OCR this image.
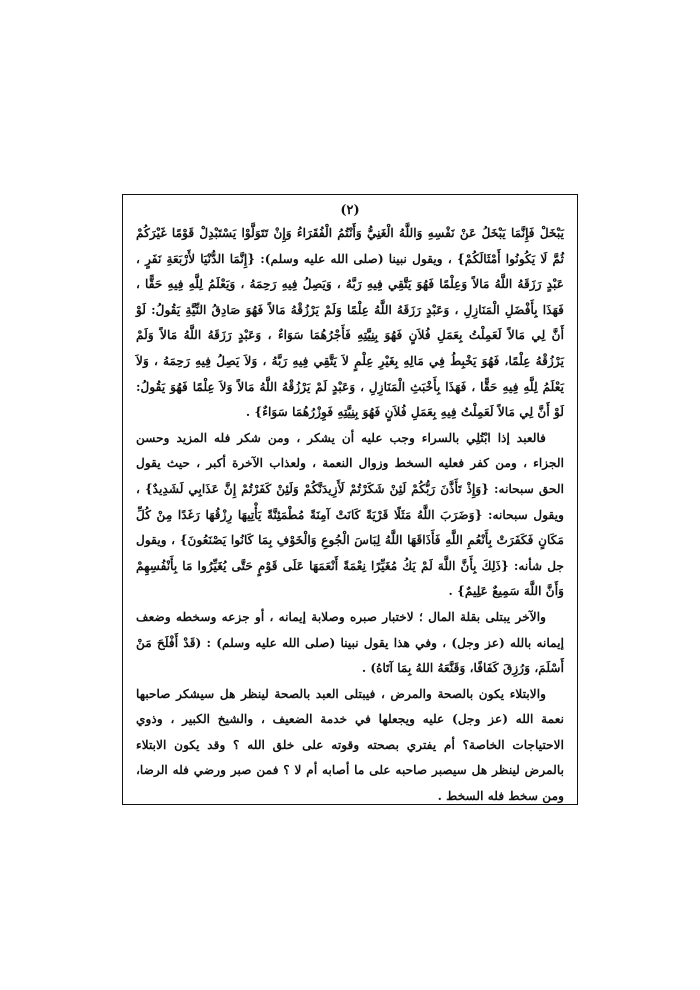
(٢)

يَبْخَلْ فَإِنَّمَا يَبْخَلُ عَنْ نَفْسِهِ وَاللَّهُ الْغَنِيُّ وَأَنْتُمُ الْفُقَرَاءُ وَإِنْ تَتَوَلَّوْا يَسْتَبْدِلْ قَوْمًا غَيْرَكُمْ ثُمَّ لَا يَكُونُوا أَمْثَالَكُمْ} ، ويقول نبينا (صلى الله عليه وسلم): {إِنَّمَا الدُّنْيَا لأَرْبَعَةِ نَفَرٍ ، عَبْدٍ رَزَقَهُ اللَّهُ مَالاً وَعِلْمًا فَهُوَ يَتَّقِي فِيهِ رَبَّهُ ، وَيَصِلُ فِيهِ رَحِمَهُ ، وَيَعْلَمُ لِلَّهِ فِيهِ حَقًّا ، فَهَذَا بِأَفْضَلِ الْمَنَازِلِ ، وَعَبْدٍ رَزَقَهُ اللَّهُ عِلْمًا وَلَمْ يَرْزُقْهُ مَالاً فَهُوَ صَادِقُ النِّيَّةِ يَقُولُ: لَوْ أَنَّ لِي مَالاً لَعَمِلْتُ بِعَمَلِ فُلاَنٍ فَهُوَ بِنِيَّتِهِ فَأَجْرُهُمَا سَوَاءٌ ، وَعَبْدٍ رَزَقَهُ اللَّهُ مَالاً وَلَمْ يَرْزُقْهُ عِلْمًا، فَهُوَ يَخْبِطُ فِي مَالِهِ بِغَيْرِ عِلْمٍ لاَ يَتَّقِي فِيهِ رَبَّهُ ، وَلاَ يَصِلُ فِيهِ رَحِمَهُ ، وَلاَ يَعْلَمُ لِلَّهِ فِيهِ حَقًّا ، فَهَذَا بِأَخْبَثِ الْمَنَازِلِ ، وَعَبْدٍ لَمْ يَرْزُقْهُ اللَّهُ مَالاً وَلاَ عِلْمًا فَهُوَ يَقُولُ: لَوْ أَنَّ لِي مَالاً لَعَمِلْتُ فِيهِ بِعَمَلِ فُلاَنٍ فَهُوَ بِنِيَّتِهِ فَوِزْرُهُمَا سَوَاءٌ} .

فالعبد إذا ابْتُلِي بالسراء وجب عليه أن يشكر ، ومن شكر فله المزيد وحسن الجزاء ، ومن كفر فعليه السخط وزوال النعمة ، ولعذاب الآخرة أكبر ، حيث يقول الحق سبحانه: {وَإِذْ تَأَذَّنَ رَبُّكُمْ لَئِنْ شَكَرْتُمْ لَأَزِيدَنَّكُمْ وَلَئِنْ كَفَرْتُمْ إِنَّ عَذَابِي لَشَدِيدٌ} ، ويقول سبحانه: {وَضَرَبَ اللَّهُ مَثَلًا قَرْيَةً كَانَتْ آمِنَةً مُطْمَئِنَّةً يَأْتِيهَا رِزْقُهَا رَغَدًا مِنْ كُلِّ مَكَانٍ فَكَفَرَتْ بِأَنْعُمِ اللَّهِ فَأَذَاقَهَا اللَّهُ لِبَاسَ الْجُوعِ وَالْخَوْفِ بِمَا كَانُوا يَصْنَعُونَ} ، ويقول جل شأنه: {ذَلِكَ بِأَنَّ اللَّهَ لَمْ يَكُ مُغَيِّرًا نِعْمَةً أَنْعَمَهَا عَلَى قَوْمٍ حَتَّى يُغَيِّرُوا مَا بِأَنْفُسِهِمْ وَأَنَّ اللَّهَ سَمِيعٌ عَلِيمٌ} .

والآخر يبتلى بقلة المال ؛ لاختبار صبره وصلابة إيمانه ، أو جزعه وسخطه وضعف إيمانه بالله (عز وجل) ، وفي هذا يقول نبينا (صلى الله عليه وسلم) : (قَدْ أَفْلَحَ مَنْ أَسْلَمَ، وَرُزِقَ كَفَافًا، وَقَنَّعَهُ اللهُ بِمَا آتَاهُ) .

والابتلاء يكون بالصحة والمرض ، فيبتلى العبد بالصحة لينظر هل سيشكر صاحبها نعمة الله (عز وجل) عليه ويجعلها في خدمة الضعيف ، والشيخ الكبير ، وذوي الاحتياجات الخاصة؟ أم يفتري بصحته وقوته على خلق الله ؟ وقد يكون الابتلاء بالمرض لينظر هل سيصبر صاحبه على ما أصابه أم لا ؟ فمن صبر ورضي فله الرضا، ومن سخط فله السخط .
